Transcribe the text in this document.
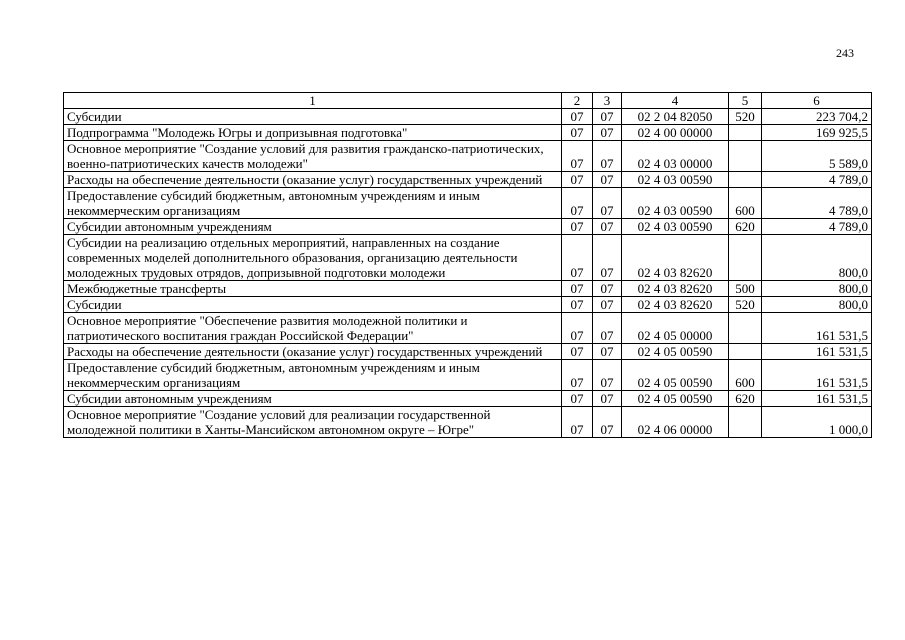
243
1	2	3	4	5	6
Субсидии	07	07	02 2 04 82050	520	223 704,2
Подпрограмма "Молодежь Югры и допризывная подготовка"	07	07	02 4 00 00000		169 925,5
Основное мероприятие "Создание условий для развития гражданско-патриотических, военно-патриотических качеств молодежи"	07	07	02 4 03 00000		5 589,0
Расходы на обеспечение деятельности (оказание услуг) государственных учреждений	07	07	02 4 03 00590		4 789,0
Предоставление субсидий бюджетным, автономным учреждениям и иным некоммерческим организациям	07	07	02 4 03 00590	600	4 789,0
Субсидии автономным учреждениям	07	07	02 4 03 00590	620	4 789,0
Субсидии на реализацию отдельных мероприятий, направленных на создание современных моделей дополнительного образования, организацию деятельности молодежных трудовых отрядов, допризывной подготовки молодежи	07	07	02 4 03 82620		800,0
Межбюджетные трансферты	07	07	02 4 03 82620	500	800,0
Субсидии	07	07	02 4 03 82620	520	800,0
Основное мероприятие "Обеспечение развития молодежной политики и патриотического воспитания граждан Российской Федерации"	07	07	02 4 05 00000		161 531,5
Расходы на обеспечение деятельности (оказание услуг) государственных учреждений	07	07	02 4 05 00590		161 531,5
Предоставление субсидий бюджетным, автономным учреждениям и иным некоммерческим организациям	07	07	02 4 05 00590	600	161 531,5
Субсидии автономным учреждениям	07	07	02 4 05 00590	620	161 531,5
Основное мероприятие "Создание условий для реализации государственной молодежной политики в Ханты-Мансийском автономном округе – Югре"	07	07	02 4 06 00000		1 000,0
